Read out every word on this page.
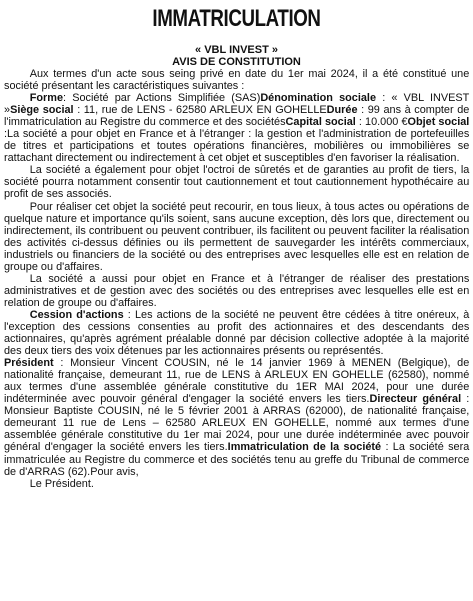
IMMATRICULATION
« VBL INVEST »
AVIS DE CONSTITUTION

Aux termes d'un acte sous seing privé en date du 1er mai 2024, il a été constitué une société présentant les caractéristiques suivantes :

Forme: Société par Actions Simplifiée (SAS)Dénomination sociale : « VBL INVEST »Siège social : 11, rue de LENS - 62580 ARLEUX EN GOHELLEDurée : 99 ans à compter de l'immatriculation au Registre du commerce et des sociétésCapital social : 10.000 €Objet social :La société a pour objet en France et à l'étranger : la gestion et l'administration de portefeuilles de titres et participations et toutes opérations financières, mobilières ou immobilières se rattachant directement ou indirectement à cet objet et susceptibles d'en favoriser la réalisation.

La société a également pour objet l'octroi de sûretés et de garanties au profit de tiers, la société pourra notamment consentir tout cautionnement et tout cautionnement hypothécaire au profit de ses associés.

Pour réaliser cet objet la société peut recourir, en tous lieux, à tous actes ou opérations de quelque nature et importance qu'ils soient, sans aucune exception, dès lors que, directement ou indirectement, ils contribuent ou peuvent contribuer, ils facilitent ou peuvent faciliter la réalisation des activités ci-dessus définies ou ils permettent de sauvegarder les intérêts commerciaux, industriels ou financiers de la société ou des entreprises avec lesquelles elle est en relation de groupe ou d'affaires.

La société a aussi pour objet en France et à l'étranger de réaliser des prestations administratives et de gestion avec des sociétés ou des entreprises avec lesquelles elle est en relation de groupe ou d'affaires.

Cession d'actions : Les actions de la société ne peuvent être cédées à titre onéreux, à l'exception des cessions consenties au profit des actionnaires et des descendants des actionnaires, qu'après agrément préalable donné par décision collective adoptée à la majorité des deux tiers des voix détenues par les actionnaires présents ou représentés.

Président : Monsieur Vincent COUSIN, né le 14 janvier 1969 à MENEN (Belgique), de nationalité française, demeurant 11, rue de LENS à ARLEUX EN GOHELLE (62580), nommé aux termes d'une assemblée générale constitutive du 1ER MAI 2024, pour une durée indéterminée avec pouvoir général d'engager la société envers les tiers.Directeur général : Monsieur Baptiste COUSIN, né le 5 février 2001 à ARRAS (62000), de nationalité française, demeurant 11 rue de Lens – 62580 ARLEUX EN GOHELLE, nommé aux termes d'une assemblée générale constitutive du 1er mai 2024, pour une durée indéterminée avec pouvoir général d'engager la société envers les tiers.Immatriculation de la société : La société sera immatriculée au Registre du commerce et des sociétés tenu au greffe du Tribunal de commerce de d'ARRAS (62).Pour avis,

Le Président.
